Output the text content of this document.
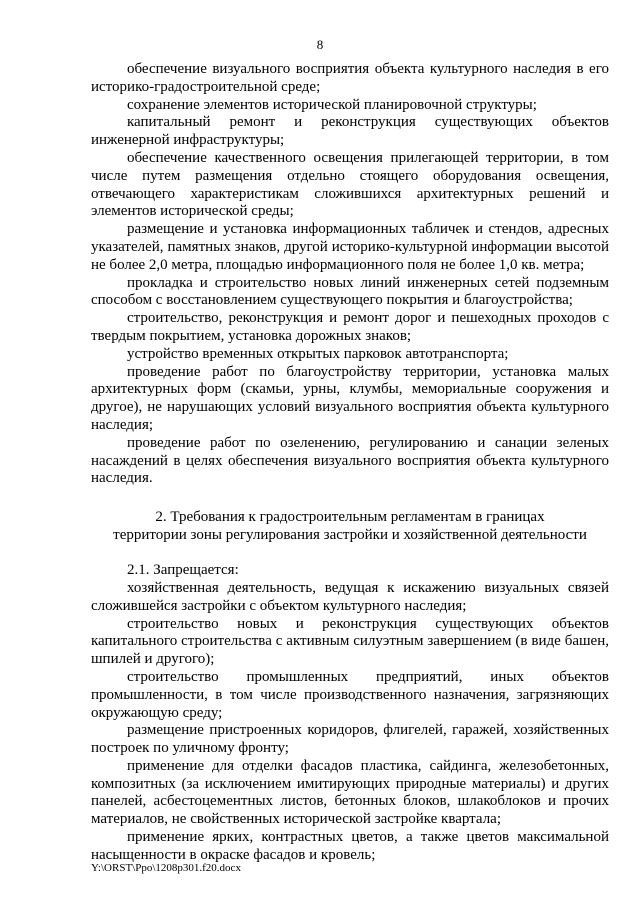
8

обеспечение визуального восприятия объекта культурного наследия в его историко-градостроительной среде;

сохранение элементов исторической планировочной структуры;

капитальный ремонт и реконструкция существующих объектов инженерной инфраструктуры;

обеспечение качественного освещения прилегающей территории, в том числе путем размещения отдельно стоящего оборудования освещения, отвечающего характеристикам сложившихся архитектурных решений и элементов исторической среды;

размещение и установка информационных табличек и стендов, адресных указателей, памятных знаков, другой историко-культурной информации высотой не более 2,0 метра, площадью информационного поля не более 1,0 кв. метра;

прокладка и строительство новых линий инженерных сетей подземным способом с восстановлением существующего покрытия и благоустройства;

строительство, реконструкция и ремонт дорог и пешеходных проходов с твердым покрытием, установка дорожных знаков;

устройство временных открытых парковок автотранспорта;

проведение работ по благоустройству территории, установка малых архитектурных форм (скамьи, урны, клумбы, мемориальные сооружения и другое), не нарушающих условий визуального восприятия объекта культурного наследия;

проведение работ по озеленению, регулированию и санации зеленых насаждений в целях обеспечения визуального восприятия объекта культурного наследия.

2. Требования к градостроительным регламентам в границах

территории зоны регулирования застройки и хозяйственной деятельности

2.1. Запрещается:

хозяйственная деятельность, ведущая к искажению визуальных связей сложившейся застройки с объектом культурного наследия;

строительство новых и реконструкция существующих объектов капитального строительства с активным силуэтным завершением (в виде башен, шпилей и другого);

строительство промышленных предприятий, иных объектов промышленности, в том числе производственного назначения, загрязняющих окружающую среду;

размещение пристроенных коридоров, флигелей, гаражей, хозяйственных построек по уличному фронту;

применение для отделки фасадов пластика, сайдинга, железобетонных, композитных (за исключением имитирующих природные материалы) и других панелей, асбестоцементных листов, бетонных блоков, шлакоблоков и прочих материалов, не свойственных исторической застройке квартала;

применение ярких, контрастных цветов, а также цветов максимальной насыщенности в окраске фасадов и кровель;

Y:\ORST\Ppo\1208p301.f20.docx
